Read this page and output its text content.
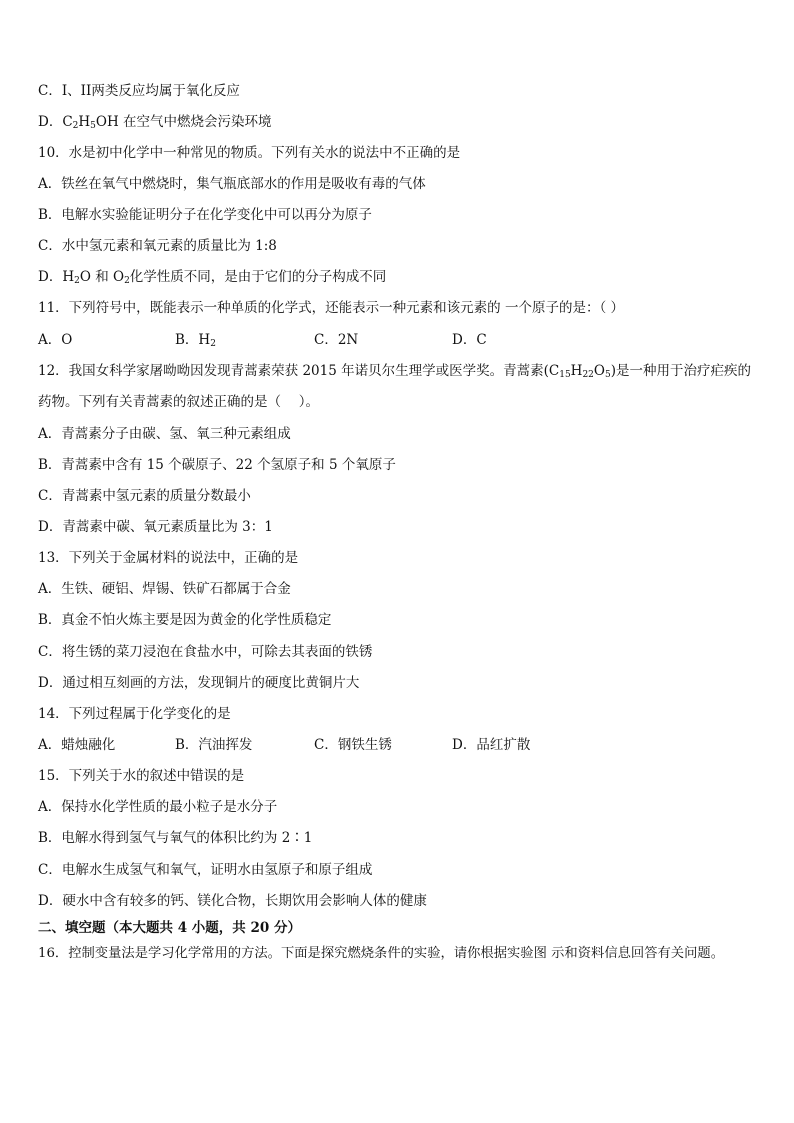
C．I、II两类反应均属于氧化反应
D．$C_2H_5OH$ 在空气中燃烧会污染环境
10．水是初中化学中一种常见的物质。下列有关水的说法中不正确的是
A．铁丝在氧气中燃烧时，集气瓶底部水的作用是吸收有毒的气体
B．电解水实验能证明分子在化学变化中可以再分为原子
C．水中氢元素和氧元素的质量比为 1:8
D．$H_2O$ 和 $O_2$化学性质不同，是由于它们的分子构成不同
11．下列符号中，既能表示一种单质的化学式，还能表示一种元素和该元素的 一个原子的是：（ ）
A．O	B．$H_2$	C．2N	D．C
12．我国女科学家屠呦呦因发现青蒿素荣获 2015 年诺贝尔生理学或医学奖。青蒿素$(C_{15}H_{22}O_5)$是一种用于治疗疟疾的
药物。下列有关青蒿素的叙述正确的是（　 ）。
A．青蒿素分子由碳、氢、氧三种元素组成
B．青蒿素中含有 15 个碳原子、22 个氢原子和 5 个氧原子
C．青蒿素中氢元素的质量分数最小
D．青蒿素中碳、氧元素质量比为 3：1
13．下列关于金属材料的说法中，正确的是
A．生铁、硬铝、焊锡、铁矿石都属于合金
B．真金不怕火炼主要是因为黄金的化学性质稳定
C．将生锈的菜刀浸泡在食盐水中，可除去其表面的铁锈
D．通过相互刻画的方法，发现铜片的硬度比黄铜片大
14．下列过程属于化学变化的是
A．蜡烛融化	B．汽油挥发	C．钢铁生锈	D．品红扩散
15．下列关于水的叙述中错误的是
A．保持水化学性质的最小粒子是水分子
B．电解水得到氢气与氧气的体积比约为 2∶1
C．电解水生成氢气和氧气，证明水由氢原子和原子组成
D．硬水中含有较多的钙、镁化合物，长期饮用会影响人体的健康
二、填空题（本大题共 4 小题，共 20 分）
16．控制变量法是学习化学常用的方法。下面是探究燃烧条件的实验，请你根据实验图 示和资料信息回答有关问题。
